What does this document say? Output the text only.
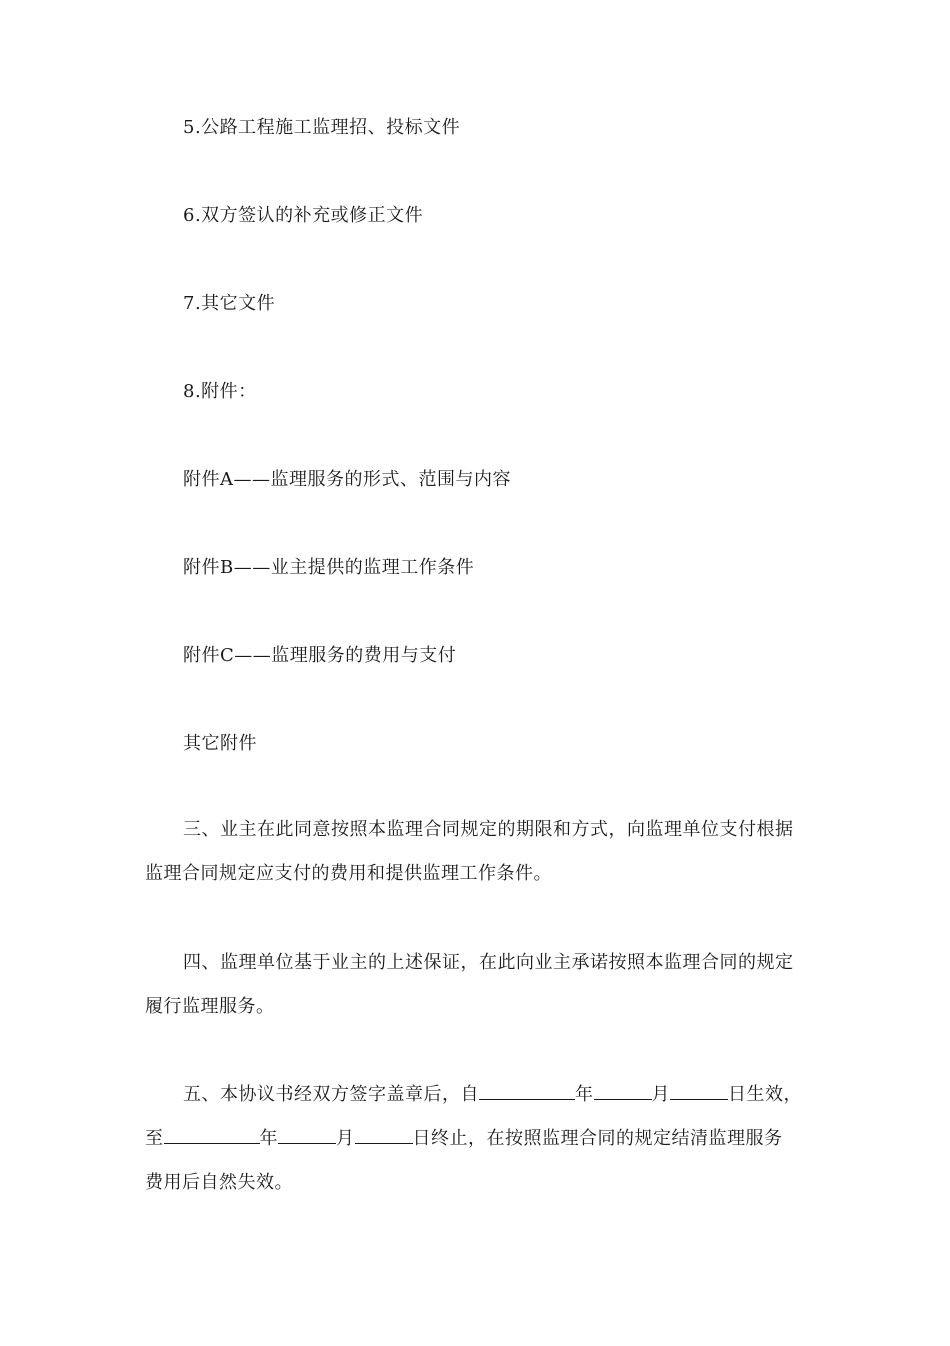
5.公路工程施工监理招、投标文件
6.双方签认的补充或修正文件
7.其它文件
8.附件：
附件A——监理服务的形式、范围与内容
附件B——业主提供的监理工作条件
附件C——监理服务的费用与支付
其它附件
三、业主在此同意按照本监理合同规定的期限和方式，向监理单位支付根据
监理合同规定应支付的费用和提供监理工作条件。
四、监理单位基于业主的上述保证，在此向业主承诺按照本监理合同的规定
履行监理服务。
五、本协议书经双方签字盖章后，自	年	月	日生效，
至	年	月	日终止，在按照监理合同的规定结清监理服务
费用后自然失效。
